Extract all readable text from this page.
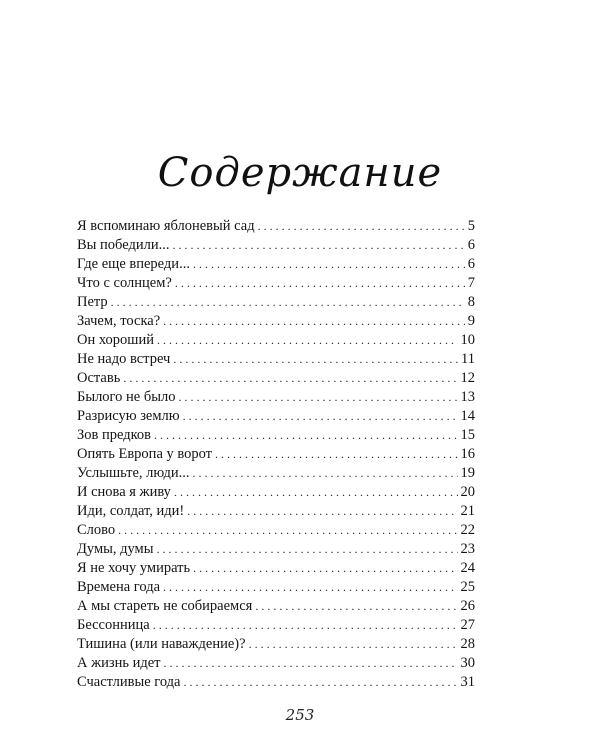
Содержание
Я вспоминаю яблоневый сад . . .	5
Вы победили... . . .	6
Где еще впереди... . . .	6
Что с солнцем? . . .	7
Петр . . .	8
Зачем, тоска? . . .	9
Он хороший . . .	10
Не надо встреч . . .	11
Оставь . . .	12
Былого не было . . .	13
Разрисую землю . . .	14
Зов предков . . .	15
Опять Европа у ворот . . .	16
Услышьте, люди... . . .	19
И снова я живу . . .	20
Иди, солдат, иди! . . .	21
Слово . . .	22
Думы, думы . . .	23
Я не хочу умирать . . .	24
Времена года . . .	25
А мы стареть не собираемся . . .	26
Бессонница . . .	27
Тишина (или наваждение)? . . .	28
А жизнь идет . . .	30
Счастливые года . . .	31
253
